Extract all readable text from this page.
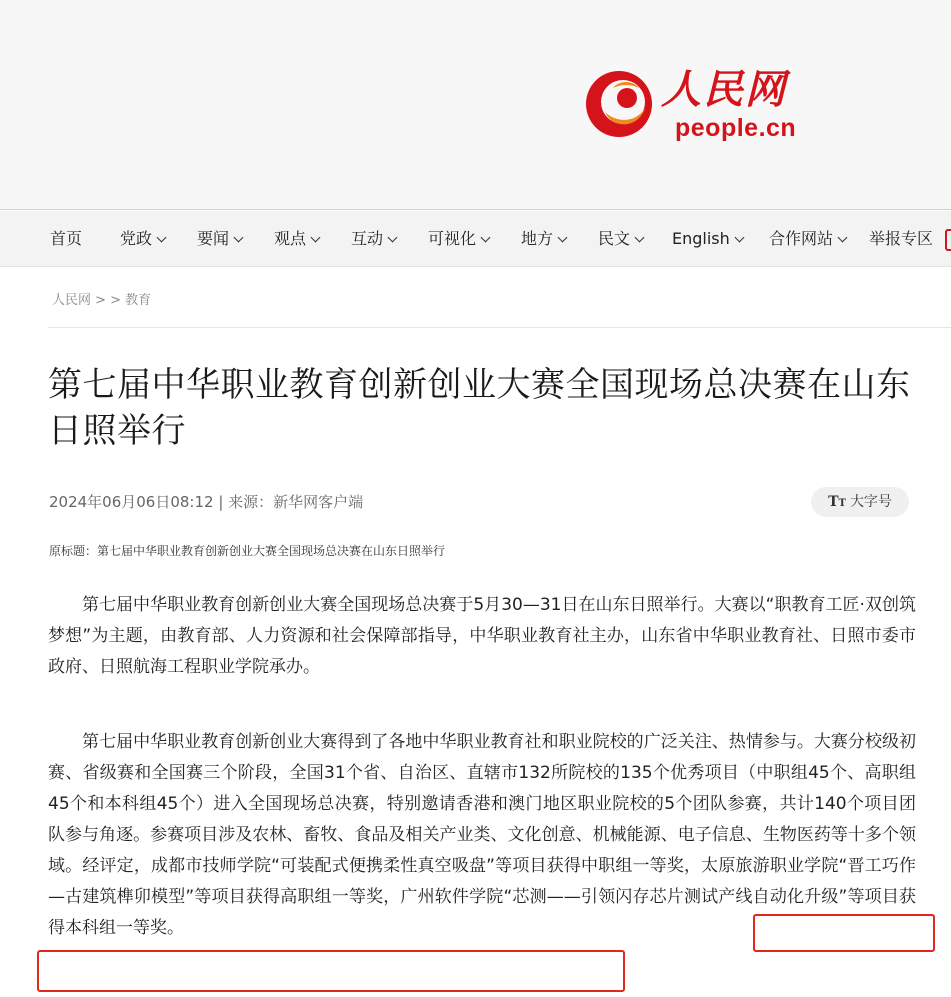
人民网
people.cn
首页 党政	要闻	观点	互动	可视化	地方	民文	English	合作网站	举报专区
人民网 > > 教育
第七届中华职业教育创新创业大赛全国现场总决赛在山东日照举行
2024年06月06日08:12 | 来源：新华网客户端	TT 大字号
原标题：第七届中华职业教育创新创业大赛全国现场总决赛在山东日照举行

第七届中华职业教育创新创业大赛全国现场总决赛于5月30—31日在山东日照举行。大赛以“职教育工匠·双创筑梦想”为主题，由教育部、人力资源和社会保障部指导，中华职业教育社主办，山东省中华职业教育社、日照市委市政府、日照航海工程职业学院承办。

第七届中华职业教育创新创业大赛得到了各地中华职业教育社和职业院校的广泛关注、热情参与。大赛分校级初赛、省级赛和全国赛三个阶段，全国31个省、自治区、直辖市132所院校的135个优秀项目（中职组45个、高职组45个和本科组45个）进入全国现场总决赛，特别邀请香港和澳门地区职业院校的5个团队参赛，共计140个项目团队参与角逐。参赛项目涉及农林、畜牧、食品及相关产业类、文化创意、机械能源、电子信息、生物医药等十多个领域。经评定，成都市技师学院“可装配式便携柔性真空吸盘”等项目获得中职组一等奖，太原旅游职业学院“晋工巧作—古建筑榫卯模型”等项目获得高职组一等奖，广州软件学院“芯测——引领闪存芯片测试产线自动化升级”等项目获得本科组一等奖。
